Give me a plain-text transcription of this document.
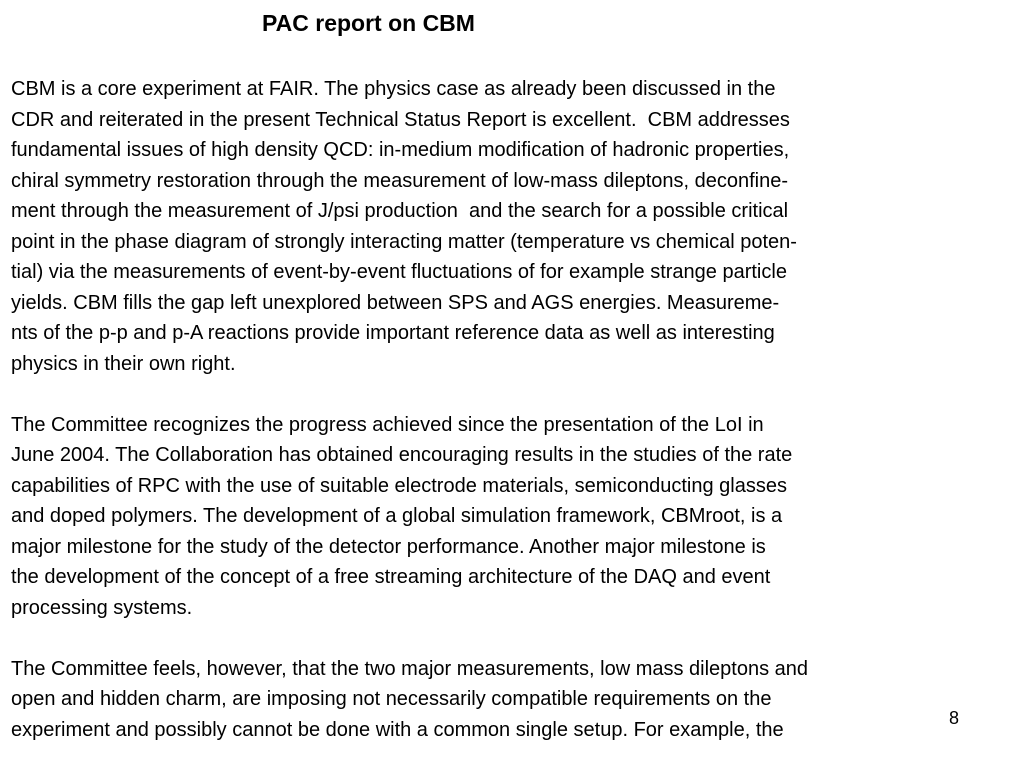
PAC report on CBM
CBM is a core experiment at FAIR. The physics case as already been discussed in the
CDR and reiterated in the present Technical Status Report is excellent.  CBM addresses
fundamental issues of high density QCD: in-medium modification of hadronic properties,
chiral symmetry restoration through the measurement of low-mass dileptons, deconfine-
ment through the measurement of J/psi production  and the search for a possible critical
point in the phase diagram of strongly interacting matter (temperature vs chemical poten-
tial) via the measurements of event-by-event fluctuations of for example strange particle
yields. CBM fills the gap left unexplored between SPS and AGS energies. Measureme-
nts of the p-p and p-A reactions provide important reference data as well as interesting
physics in their own right.
The Committee recognizes the progress achieved since the presentation of the LoI in
June 2004. The Collaboration has obtained encouraging results in the studies of the rate
capabilities of RPC with the use of suitable electrode materials, semiconducting glasses
and doped polymers. The development of a global simulation framework, CBMroot, is a
major milestone for the study of the detector performance. Another major milestone is
the development of the concept of a free streaming architecture of the DAQ and event
processing systems.
The Committee feels, however, that the two major measurements, low mass dileptons and
open and hidden charm, are imposing not necessarily compatible requirements on the
experiment and possibly cannot be done with a common single setup. For example, the
8
